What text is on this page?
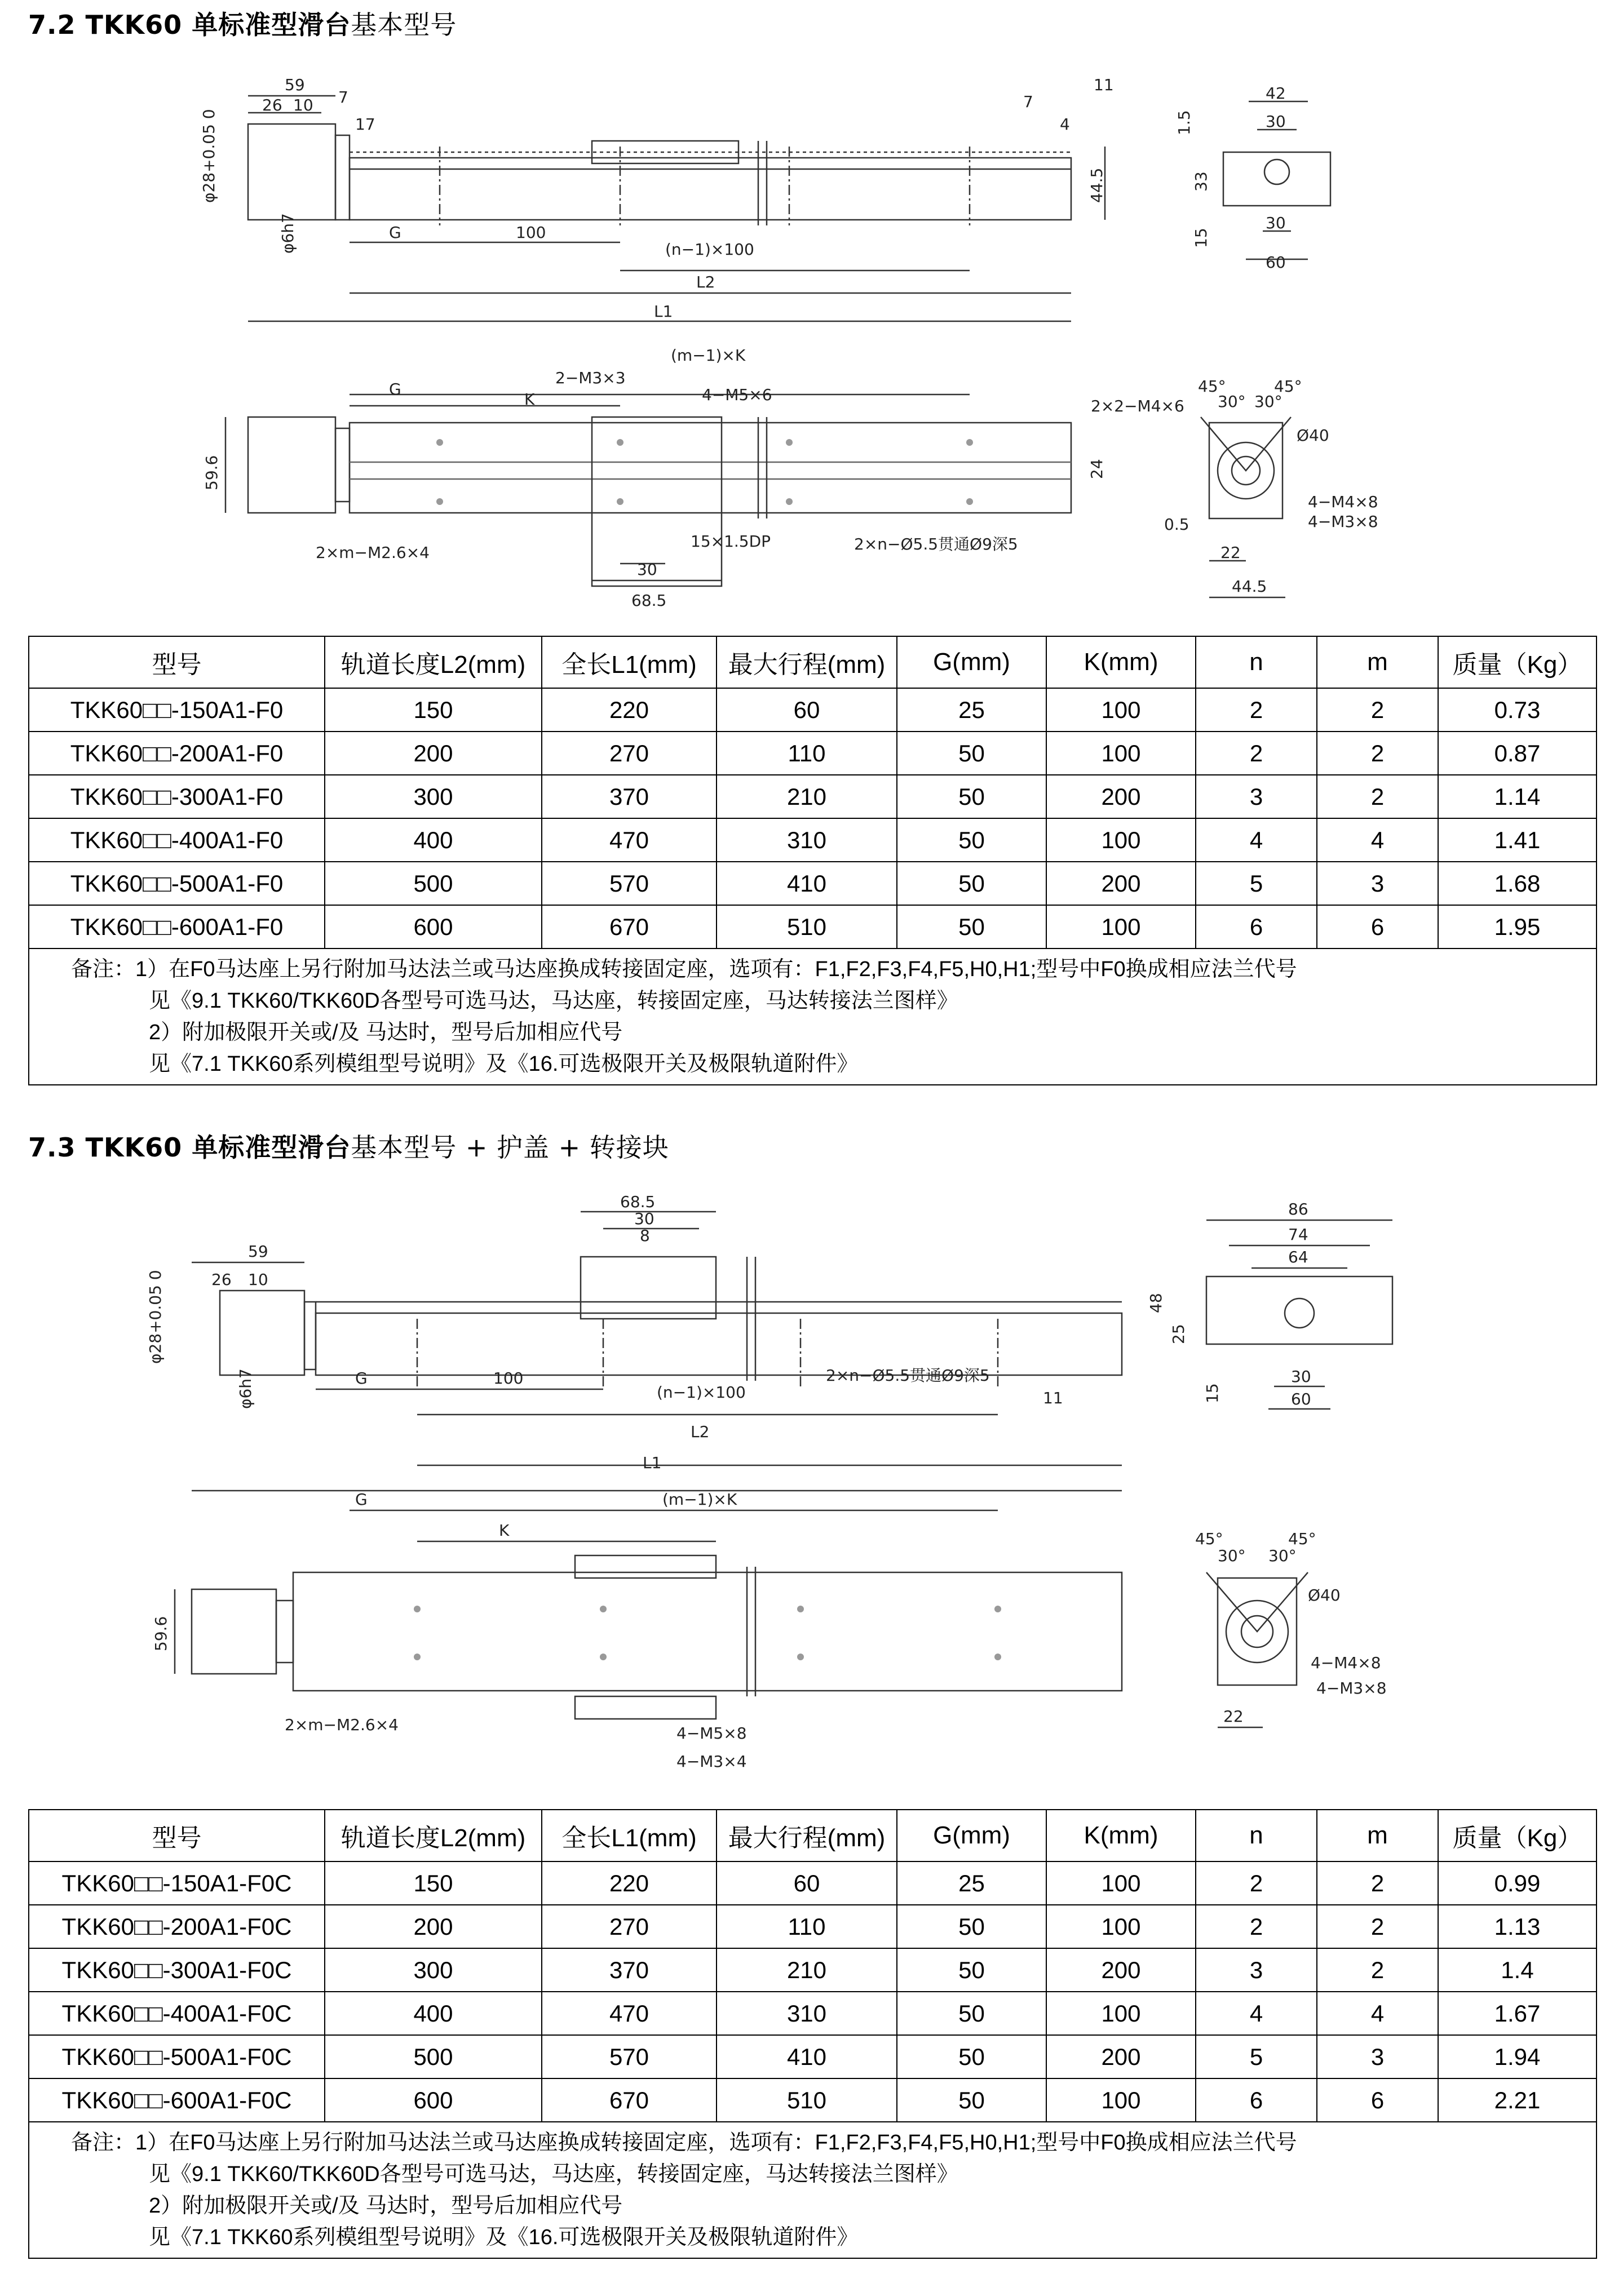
7.2 TKK60 单标准型滑台基本型号
59
26 10 7
17
11
7
4
φ28+0.05 0
φ6h7
44.5
G	100
(n−1)×100
L2
L1
42
30
1.5
33
15
30
60
(m−1)×K
G
K
2−M3×3
4−M5×6
2×2−M4×6
59.6	24
2×m−M2.6×4
15×1.5DP	2×n−Ø5.5贯通Ø9深5
30
68.5
45°	45°
30° 30°
Ø40
4−M4×8
4−M3×8
0.5
22
44.5
型号	轨道长度L2(mm)	全长L1(mm)	最大行程(mm)	G(mm)	K(mm)	n	m	质量（Kg）
TKK60□□-150A1-F0	150	220	60	25	100	2	2	0.73
TKK60□□-200A1-F0	200	270	110	50	100	2	2	0.87
TKK60□□-300A1-F0	300	370	210	50	200	3	2	1.14
TKK60□□-400A1-F0	400	470	310	50	100	4	4	1.41
TKK60□□-500A1-F0	500	570	410	50	200	5	3	1.68
TKK60□□-600A1-F0	600	670	510	50	100	6	6	1.95

备注：1）在F0马达座上另行附加马达法兰或马达座换成转接固定座，选项有：F1,F2,F3,F4,F5,H0,H1;型号中F0换成相应法兰代号
见《9.1 TKK60/TKK60D各型号可选马达，马达座，转接固定座，马达转接法兰图样》
2）附加极限开关或/及 马达时，型号后加相应代号
见《7.1 TKK60系列模组型号说明》及《16.可选极限开关及极限轨道附件》								
7.3 TKK60 单标准型滑台基本型号 + 护盖 + 转接块
59
68.5
30
8
26 10
φ28+0.05 0
φ6h7	G	100
(n−1)×100
2×n−Ø5.5贯通Ø9深5
11
L2
L1
86
74
64
48
25
15
30
60
G	(m−1)×K
K
59.6
2×m−M2.6×4	4−M5×8
4−M3×4
45°	45°
30° 30°
Ø40
4−M4×8
4−M3×8
22
型号	轨道长度L2(mm)	全长L1(mm)	最大行程(mm)	G(mm)	K(mm)	n	m	质量（Kg）
TKK60□□-150A1-F0C	150	220	60	25	100	2	2	0.99
TKK60□□-200A1-F0C	200	270	110	50	100	2	2	1.13
TKK60□□-300A1-F0C	300	370	210	50	200	3	2	1.4
TKK60□□-400A1-F0C	400	470	310	50	100	4	4	1.67
TKK60□□-500A1-F0C	500	570	410	50	200	5	3	1.94
TKK60□□-600A1-F0C	600	670	510	50	100	6	6	2.21

备注：1）在F0马达座上另行附加马达法兰或马达座换成转接固定座，选项有：F1,F2,F3,F4,F5,H0,H1;型号中F0换成相应法兰代号
见《9.1 TKK60/TKK60D各型号可选马达，马达座，转接固定座，马达转接法兰图样》
2）附加极限开关或/及 马达时，型号后加相应代号
见《7.1 TKK60系列模组型号说明》及《16.可选极限开关及极限轨道附件》								
